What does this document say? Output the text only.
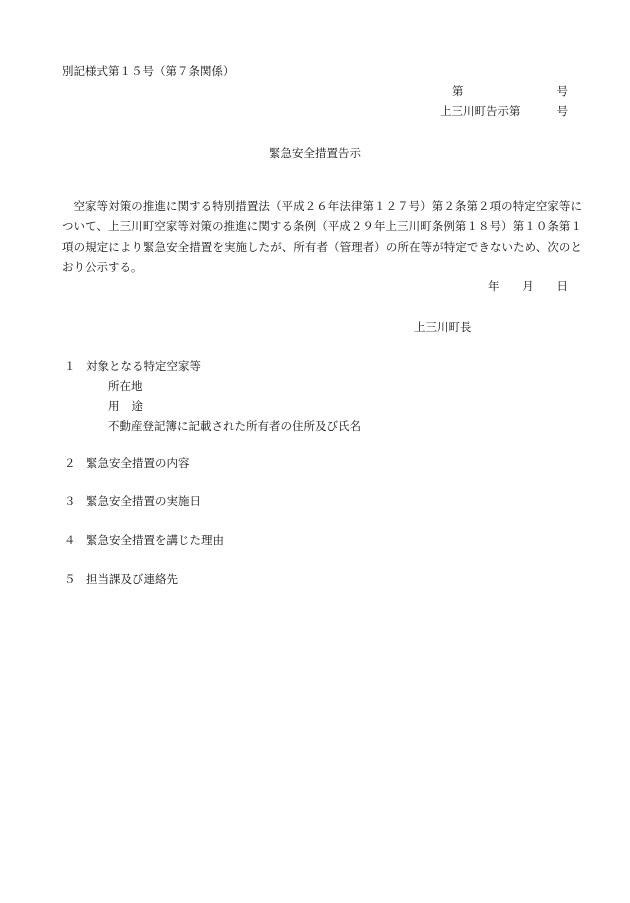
別記様式第１５号（第７条関係）
第	号
上三川町告示第	号
緊急安全措置告示

空家等対策の推進に関する特別措置法（平成２６年法律第１２７号）第２条第２項の特定空家等について、上三川町空家等対策の推進に関する条例（平成２９年上三川町条例第１８号）第１０条第１項の規定により緊急安全措置を実施したが、所有者（管理者）の所在等が特定できないため、次のとおり公示する。

年 月 日
上三川町長
１ 対象となる特定空家等
所在地
用 途
不動産登記簿に記載された所有者の住所及び氏名
２ 緊急安全措置の内容
３ 緊急安全措置の実施日
４ 緊急安全措置を講じた理由
５ 担当課及び連絡先
